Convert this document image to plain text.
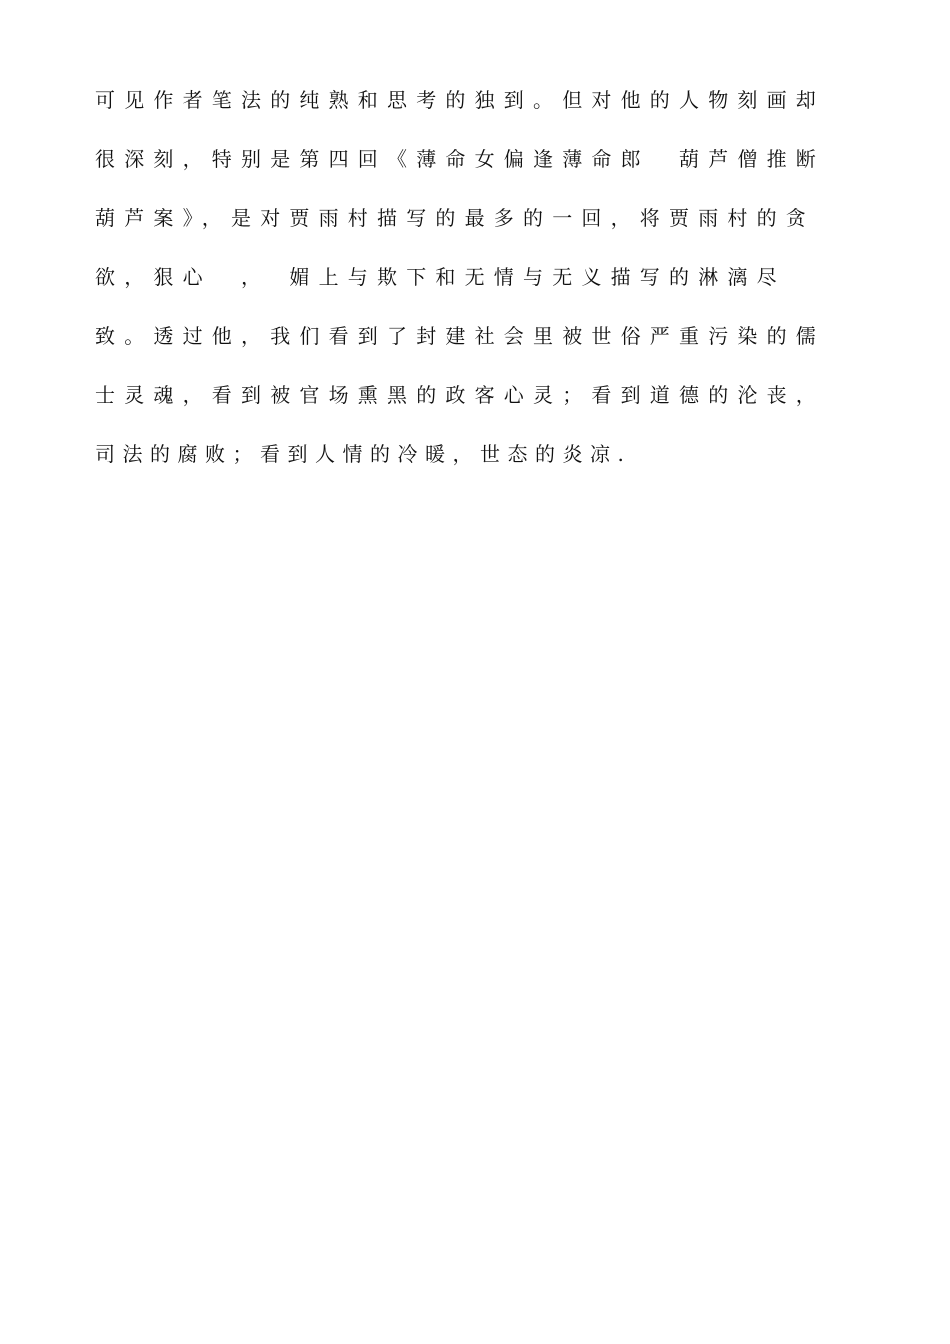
可见作者笔法的纯熟和思考的独到。但对他的人物刻画却
很深刻，特别是第四回《薄命女偏逢薄命郎　葫芦僧推断
葫芦案》，是对贾雨村描写的最多的一回，将贾雨村的贪
欲，狠心　，　媚上与欺下和无情与无义描写的淋漓尽
致。透过他，我们看到了封建社会里被世俗严重污染的儒
士灵魂，看到被官场熏黑的政客心灵；看到道德的沦丧，
司法的腐败；看到人情的冷暖，世态的炎凉.
